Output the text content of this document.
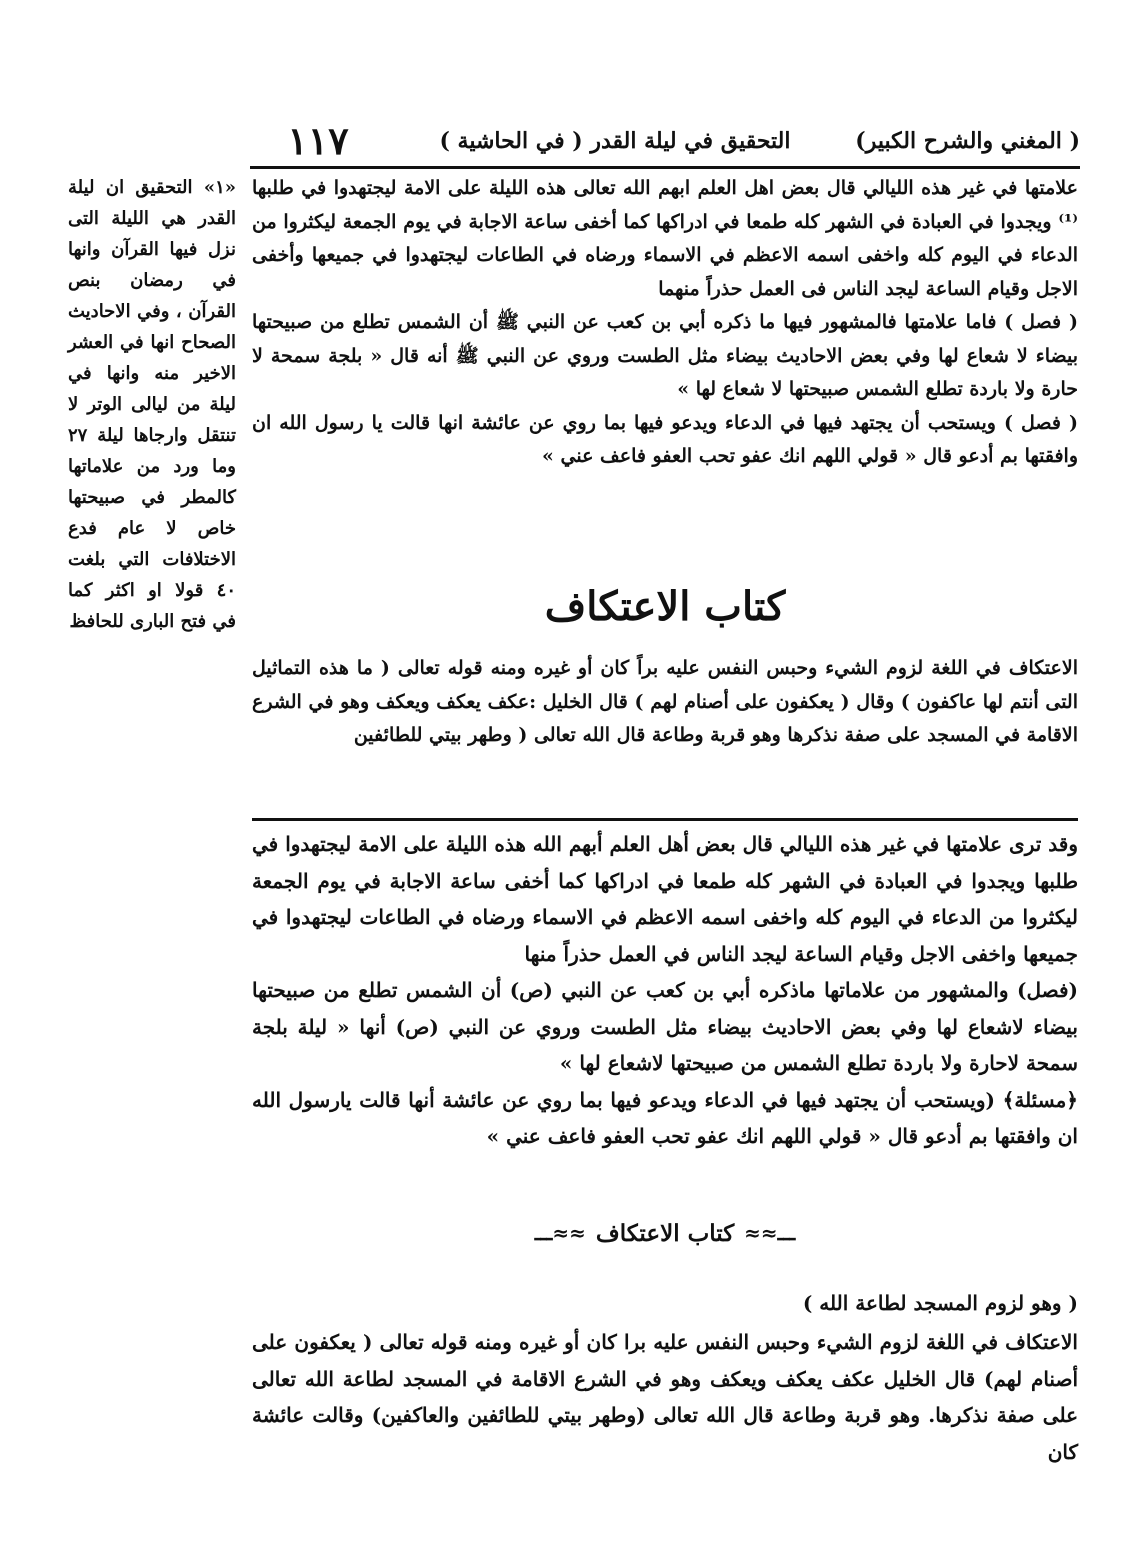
١١٧	التحقيق في ليلة القدر ( في الحاشية )	( المغني والشرح الكبير)
«١» التحقيق ان ليلة القدر هي الليلة التى نزل فيها القرآن وانها في رمضان بنص القرآن ، وفي الاحاديث الصحاح انها في العشر الاخير منه وانها في ليلة من ليالى الوتر لا تنتقل وارجاها ليلة ٢٧ وما ورد من علاماتها كالمطر في صبيحتها خاص لا عام فدع الاختلافات التي بلغت ٤٠ قولا او اكثر كما في فتح البارى للحافظ

علامتها في غير هذه الليالي قال بعض اهل العلم ابهم الله تعالى هذه الليلة على الامة ليجتهدوا في طلبها ⁽¹⁾ ويجدوا في العبادة في الشهر كله طمعا في ادراكها كما أخفى ساعة الاجابة في يوم الجمعة ليكثروا من الدعاء في اليوم كله واخفى اسمه الاعظم في الاسماء ورضاه في الطاعات ليجتهدوا في جميعها وأخفى الاجل وقيام الساعة ليجد الناس فى العمل حذراً منهما

( فصل ) فاما علامتها فالمشهور فيها ما ذكره أبي بن كعب عن النبي ﷺ أن الشمس تطلع من صبيحتها بيضاء لا شعاع لها وفي بعض الاحاديث بيضاء مثل الطست وروي عن النبي ﷺ أنه قال « بلجة سمحة لا حارة ولا باردة تطلع الشمس صبيحتها لا شعاع لها »

( فصل ) ويستحب أن يجتهد فيها في الدعاء ويدعو فيها بما روي عن عائشة انها قالت يا رسول الله ان وافقتها بم أدعو قال « قولي اللهم انك عفو تحب العفو فاعف عني »

كتاب الاعتكاف

الاعتكاف في اللغة لزوم الشيء وحبس النفس عليه براً كان أو غيره ومنه قوله تعالى ( ما هذه التماثيل التى أنتم لها عاكفون ) وقال ( يعكفون على أصنام لهم ) قال الخليل :عكف يعكف ويعكف وهو في الشرع الاقامة في المسجد على صفة نذكرها وهو قربة وطاعة قال الله تعالى ( وطهر بيتي للطائفين

وقد ترى علامتها في غير هذه الليالي قال بعض أهل العلم أبهم الله هذه الليلة على الامة ليجتهدوا في طلبها ويجدوا في العبادة في الشهر كله طمعا في ادراكها كما أخفى ساعة الاجابة في يوم الجمعة ليكثروا من الدعاء في اليوم كله واخفى اسمه الاعظم في الاسماء ورضاه في الطاعات ليجتهدوا في جميعها واخفى الاجل وقيام الساعة ليجد الناس في العمل حذراً منها

(فصل) والمشهور من علاماتها ماذكره أبي بن كعب عن النبي (ص) أن الشمس تطلع من صبيحتها بيضاء لاشعاع لها وفي بعض الاحاديث بيضاء مثل الطست وروي عن النبي (ص) أنها « ليلة بلجة سمحة لاحارة ولا باردة تطلع الشمس من صبيحتها لاشعاع لها »

﴿مسئلة﴾ (ويستحب أن يجتهد فيها في الدعاء ويدعو فيها بما روي عن عائشة أنها قالت يارسول الله ان وافقتها بم أدعو قال « قولي اللهم انك عفو تحب العفو فاعف عني »

ـــ≈≈ كتاب الاعتكاف ≈≈ـــ
( وهو لزوم المسجد لطاعة الله )

الاعتكاف في اللغة لزوم الشيء وحبس النفس عليه برا كان أو غيره ومنه قوله تعالى ( يعكفون على أصنام لهم) قال الخليل عكف يعكف ويعكف وهو في الشرع الاقامة في المسجد لطاعة الله تعالى على صفة نذكرها. وهو قربة وطاعة قال الله تعالى (وطهر بيتي للطائفين والعاكفين) وقالت عائشة كان
